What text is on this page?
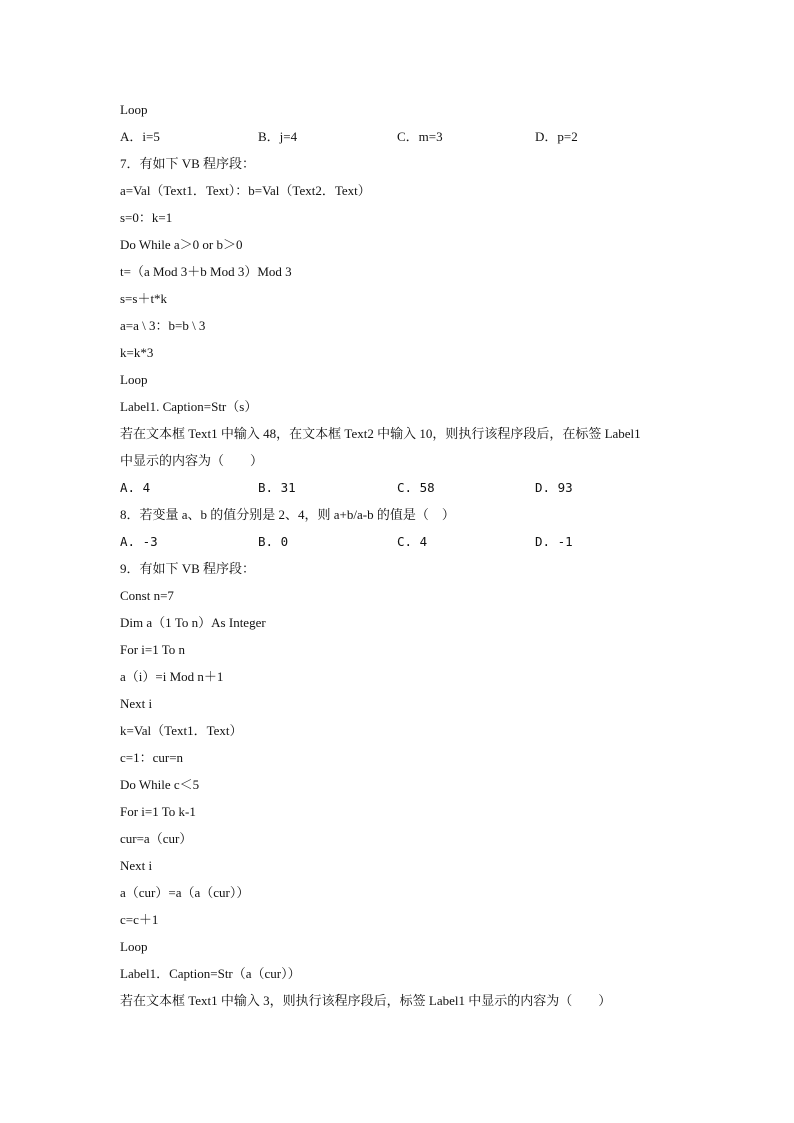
Loop
A．i=5	B．j=4	C．m=3	D．p=2
7．有如下 VB 程序段：
a=Val（Text1．Text）：b=Val（Text2．Text）
s=0：k=1
Do While a＞0 or b＞0
t=（a Mod 3＋b Mod 3）Mod 3
s=s＋t*k
a=a \ 3：b=b \ 3
k=k*3
Loop
Label1. Caption=Str（s）
若在文本框 Text1 中输入 48，在文本框 Text2 中输入 10，则执行该程序段后，在标签 Label1
中显示的内容为（　　）
A. 4	B. 31	C. 58	D. 93
8．若变量 a、b 的值分别是 2、4，则 a+b/a-b 的值是（　）
A. -3	B. 0	C. 4	D. -1
9．有如下 VB 程序段：
Const n=7
Dim a（1 To n）As Integer
For i=1 To n
a（i）=i Mod n＋1
Next i
k=Val（Text1．Text）
c=1：cur=n
Do While c＜5
For i=1 To k-1
cur=a（cur）
Next i
a（cur）=a（a（cur））
c=c＋1
Loop
Label1．Caption=Str（a（cur））
若在文本框 Text1 中输入 3，则执行该程序段后，标签 Label1 中显示的内容为（　　）
